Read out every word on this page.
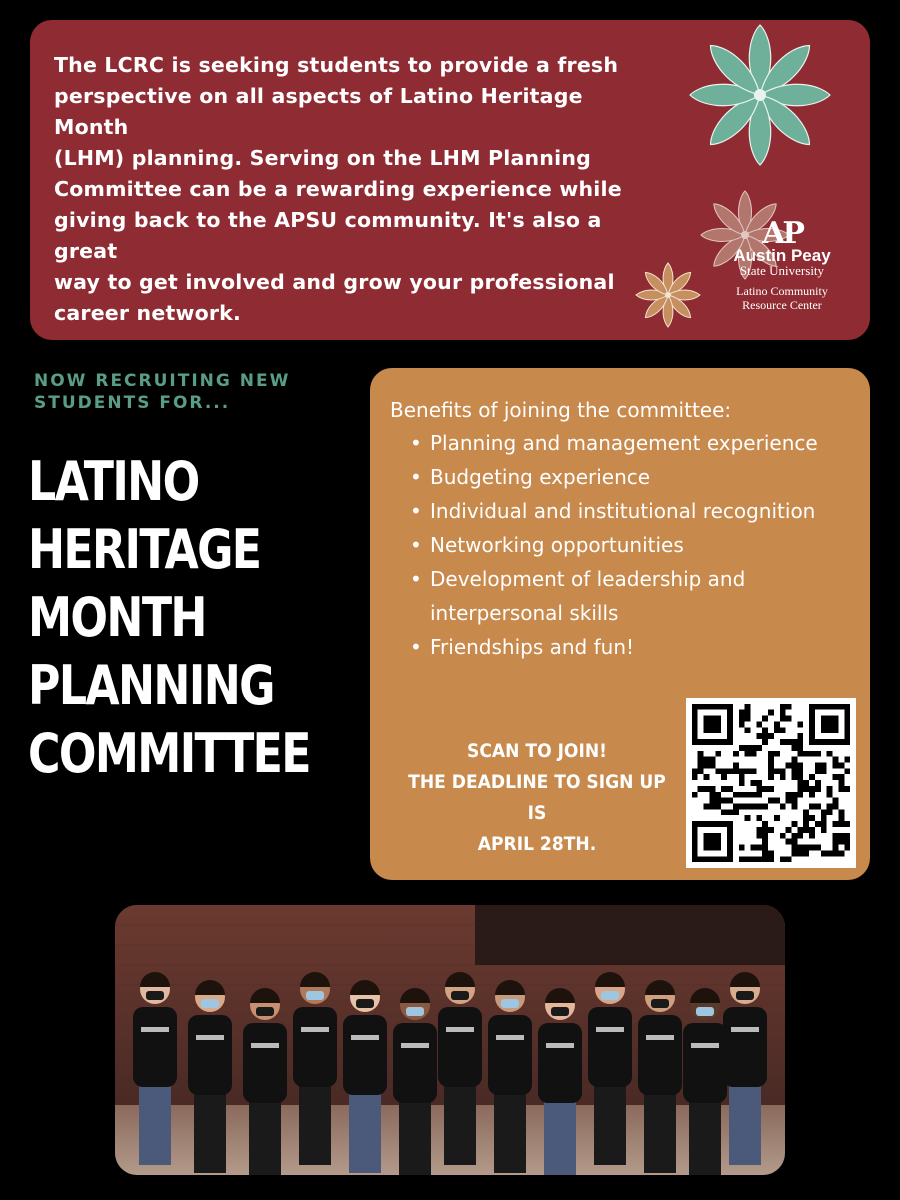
The LCRC is seeking students to provide a fresh
perspective on all aspects of Latino Heritage Month
(LHM) planning. Serving on the LHM Planning
Committee can be a rewarding experience while
giving back to the APSU community. It's also a great
way to get involved and grow your professional
career network.
AP
Austin Peay
State University
Latino Community
Resource Center
NOW RECRUITING NEW
STUDENTS FOR...
LATINO
HERITAGE
MONTH
PLANNING
COMMITTEE
Benefits of joining the committee:
• Planning and management experience
• Budgeting experience
• Individual and institutional recognition
• Networking opportunities
• Development of leadership and interpersonal skills
• Friendships and fun!
SCAN TO JOIN!
THE DEADLINE TO SIGN UP IS
APRIL 28TH.
